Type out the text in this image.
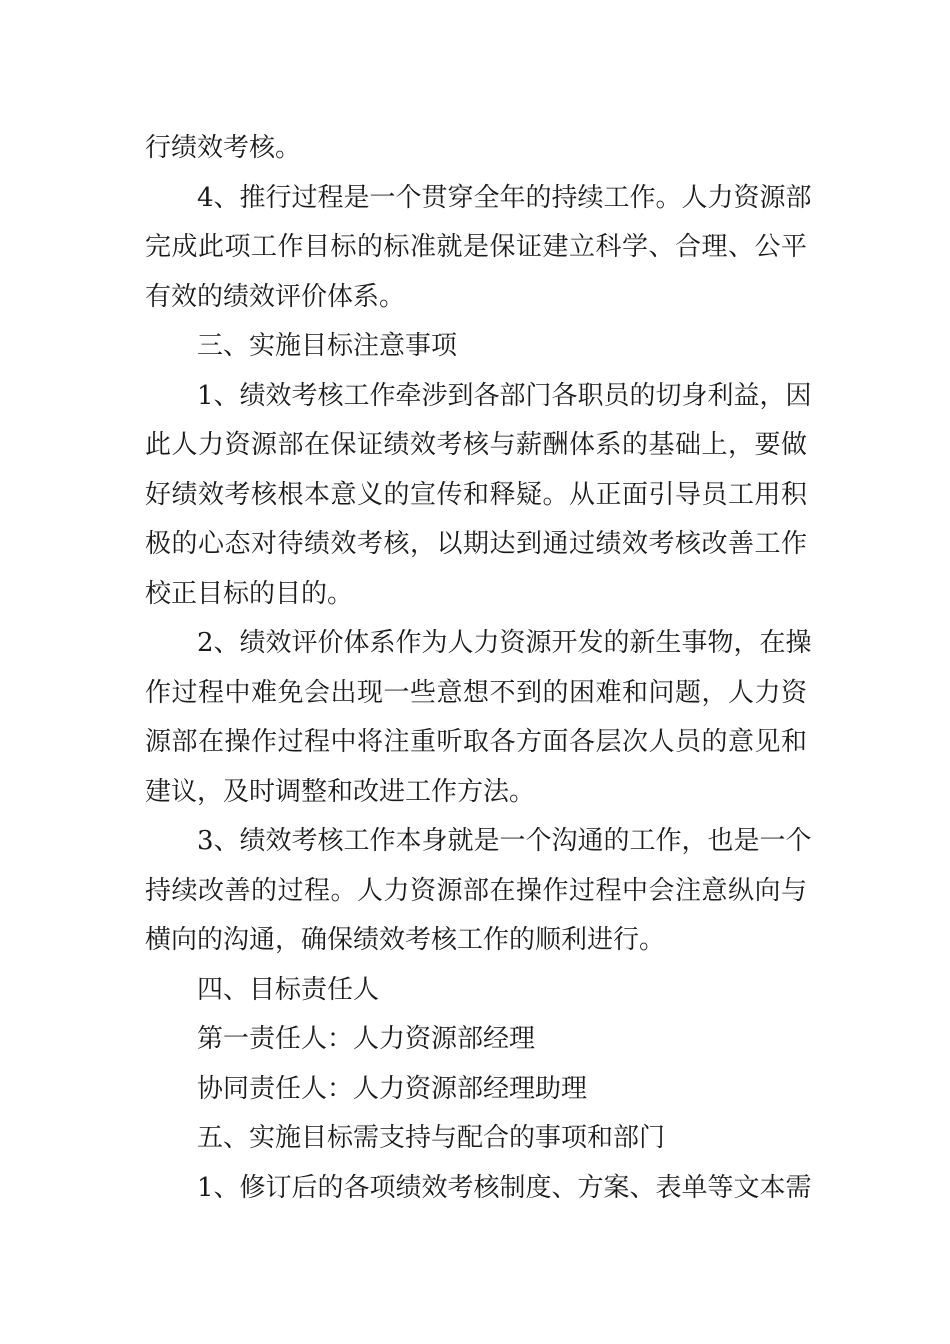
行绩效考核。
4、推行过程是一个贯穿全年的持续工作。人力资源部
完成此项工作目标的标准就是保证建立科学、合理、公平
有效的绩效评价体系。
三、实施目标注意事项
1、绩效考核工作牵涉到各部门各职员的切身利益，因
此人力资源部在保证绩效考核与薪酬体系的基础上，要做
好绩效考核根本意义的宣传和释疑。从正面引导员工用积
极的心态对待绩效考核，以期达到通过绩效考核改善工作
校正目标的目的。
2、绩效评价体系作为人力资源开发的新生事物，在操
作过程中难免会出现一些意想不到的困难和问题，人力资
源部在操作过程中将注重听取各方面各层次人员的意见和
建议，及时调整和改进工作方法。
3、绩效考核工作本身就是一个沟通的工作，也是一个
持续改善的过程。人力资源部在操作过程中会注意纵向与
横向的沟通，确保绩效考核工作的顺利进行。
四、目标责任人
第一责任人：人力资源部经理
协同责任人：人力资源部经理助理
五、实施目标需支持与配合的事项和部门
1、修订后的各项绩效考核制度、方案、表单等文本需
